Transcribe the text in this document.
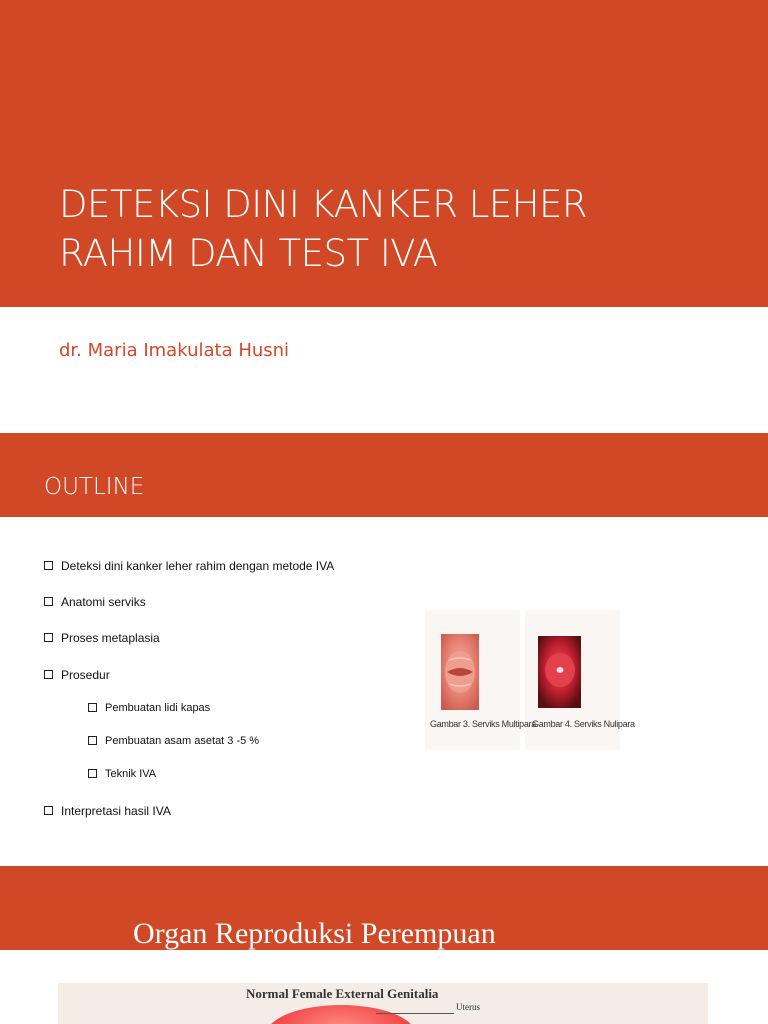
DETEKSI DINI KANKER LEHER
RAHIM DAN TEST IVA
dr. Maria Imakulata Husni
OUTLINE
Deteksi dini kanker leher rahim dengan metode IVA
Anatomi serviks
Proses metaplasia
Prosedur
Pembuatan lidi kapas
Pembuatan asam asetat 3 -5 %
Teknik IVA
Interpretasi hasil IVA
Gambar 3. Serviks Multipara
Gambar 4. Serviks Nulipara
Organ Reproduksi Perempuan
Normal Female External Genitalia
Uterus
